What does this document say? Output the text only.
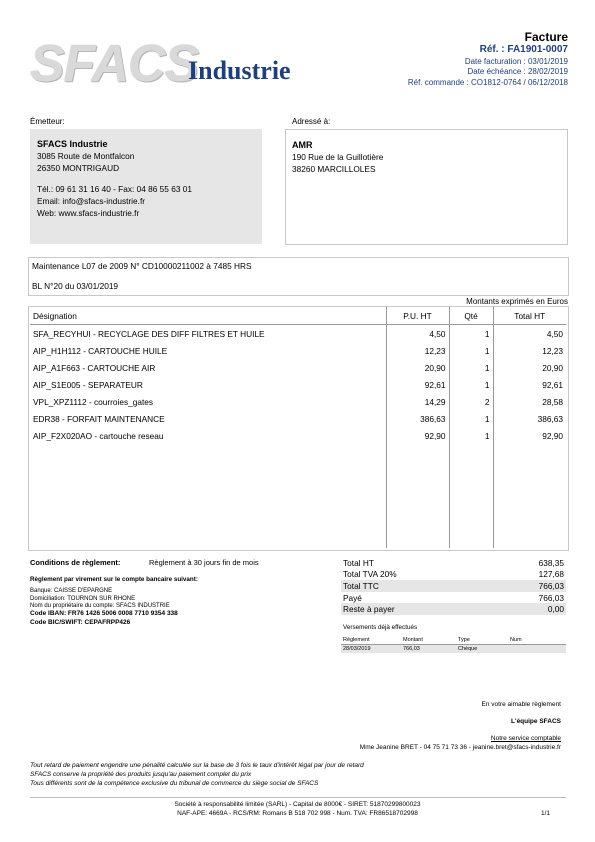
SFACS
Industrie
Facture
Réf. : FA1901-0007
Date facturation : 03/01/2019
Date échéance : 28/02/2019
Réf. commande : CO1812-0764 / 06/12/2018
Émetteur:
SFACS Industrie
3085 Route de Montfalcon
26350 MONTRIGAUD
Tél.: 09 61 31 16 40 - Fax: 04 86 55 63 01
Email: info@sfacs-industrie.fr
Web: www.sfacs-industrie.fr
Adressé à:
AMR
190 Rue de la Guillotière
38260 MARCILLOLES
Maintenance L07 de 2009 N° CD10000211002 à 7485 HRS
BL N°20 du 03/01/2019
Montants exprimés en Euros
Désignation	P.U. HT	Qté	Total HT
SFA_RECYHUI - RECYCLAGE DES DIFF FILTRES ET HUILE	4,50	1	4,50
AIP_H1H112 - CARTOUCHE HUILE	12,23	1	12,23
AIP_A1F663 - CARTOUCHE AIR	20,90	1	20,90
AIP_S1E005 - SEPARATEUR	92,61	1	92,61
VPL_XPZ1112 - courroies_gates	14,29	2	28,58
EDR38 - FORFAIT MAINTENANCE	386,63	1	386,63
AIP_F2X020AO - cartouche reseau	92,90	1	92,90

Conditions de règlement:	Règlement à 30 jours fin de mois
Règlement par virement sur le compte bancaire suivant:
Banque: CAISSE D'EPARGNE
Domiciliation: TOURNON SUR RHONE
Nom du propriétaire du compte: SFACS INDUSTRIE
Code IBAN: FR76 1426 5006 0008 7710 9354 338
Code BIC/SWIFT: CEPAFRPP426
Total HT	638,35
Total TVA 20%	127,68
Total TTC	766,03
Payé	766,03
Reste à payer	0,00
Versements déjà effectués
Règlement	Montant	Type	Num
28/03/2019	766,03	Chèque	
En votre aimable règlement
L'équipe SFACS
Notre service comptable
Mme Jeanine BRET - 04 75 71 73 36 - jeanine.bret@sfacs-industrie.fr
Tout retard de paiement engendre une pénalité calculée sur la base de 3 fois le taux d'intérêt légal par jour de retard
SFACS conserve la propriété des produits jusqu'au paiement complet du prix
Tous différents sont de la compétence exclusive du tribunal de commerce du siège social de SFACS
Société à responsabilité limitée (SARL) - Capital de 8000€ - SIRET: 51870299800023
NAF-APE: 4669A - RCS/RM: Romans B 518 702 998 - Num. TVA: FR86518702998	1/1
